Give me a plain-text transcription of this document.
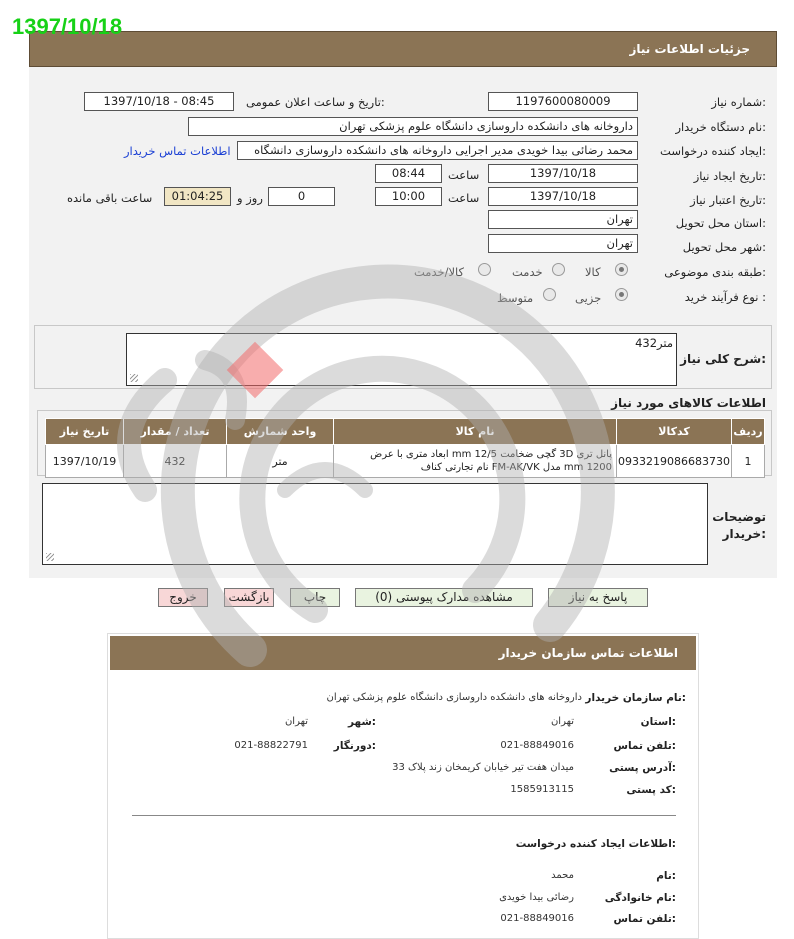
1397/10/18
جزئیات اطلاعات نیاز
شماره نیاز:
1197600080009
تاریخ و ساعت اعلان عمومی:
1397/10/18 - 08:45
نام دستگاه خریدار:
داروخانه های دانشکده داروسازی دانشگاه علوم پزشکی تهران
ایجاد کننده درخواست:
محمد رضائی بیدا خویدی مدیر اجرایی داروخانه های دانشکده داروسازی دانشگاه
اطلاعات تماس خریدار
تاریخ ایجاد نیاز:
1397/10/18
ساعت
08:44
تاریخ اعتبار نیاز:
1397/10/18
ساعت
10:00
0
روز و
01:04:25
ساعت باقی مانده
استان محل تحویل:
تهران
شهر محل تحویل:
تهران
طبقه بندی موضوعی:
کالا
خدمت
کالا/خدمت
نوع فرآیند خرید :
جزیی
متوسط
شرح کلی نیاز:
432متر
اطلاعات کالاهای مورد نیاز
ردیف	کدکالا	نام کالا	واحد شمارش	تعداد / مقدار	تاریخ نیاز
1	0933219086683730	پانل تری 3D گچی ضخامت 12/5 mm ابعاد متری با عرض
1200 mm مدل FM-AK/VK نام تجارتی کناف	متر	432	1397/10/19
توضیحات
خریدار:
پاسخ به نیاز
مشاهده مدارک پیوستی (0)
چاپ
بازگشت
خروج
اطلاعات تماس سازمان خریدار
نام سازمان خریدار:
داروخانه های دانشکده داروسازی دانشگاه علوم پزشکی تهران
استان:
تهران
شهر:
تهران
تلفن تماس:
021-88849016
دورنگار:
021-88822791
آدرس پستی:
میدان هفت تیر خیابان کریمخان زند پلاک 33
کد پستی:
1585913115
اطلاعات ایجاد کننده درخواست:
نام:
محمد
نام خانوادگی:
رضائی بیدا خویدی
تلفن تماس:
021-88849016
